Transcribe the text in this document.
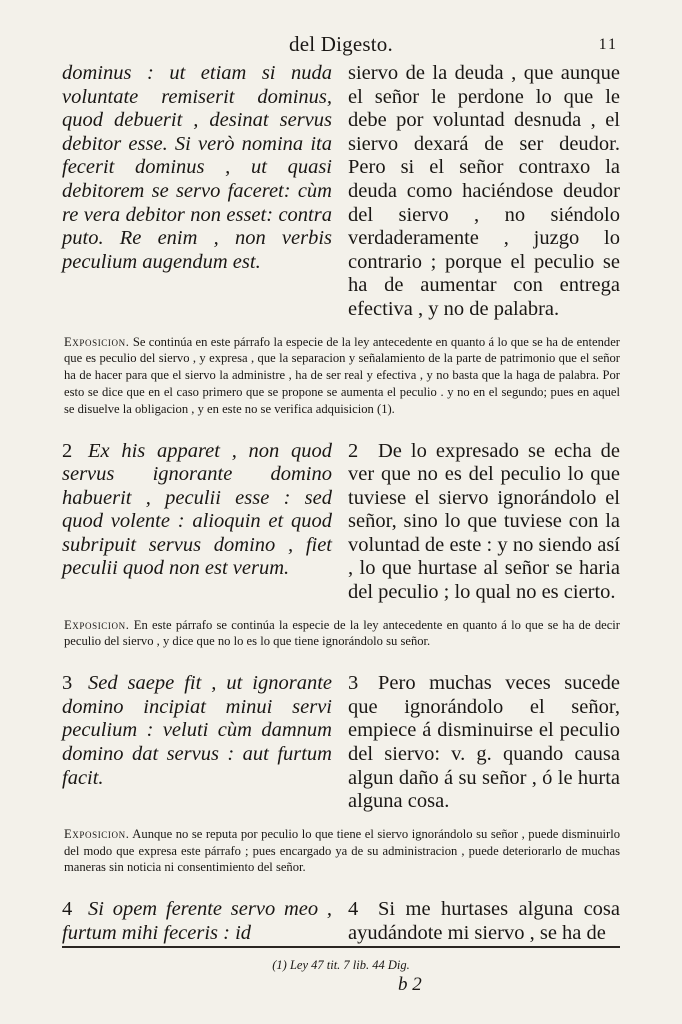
del Digesto.	11
dominus : ut etiam si nuda voluntate remiserit dominus, quod debuerit , desinat servus debitor esse. Si verò nomina ita fecerit dominus , ut quasi debitorem se servo faceret: cùm re vera debitor non esset: contra puto. Re enim , non verbis peculium augendum est.
siervo de la deuda , que aunque el señor le perdone lo que le debe por voluntad desnuda , el siervo dexará de ser deudor. Pero si el señor contraxo la deuda como haciéndose deudor del siervo , no siéndolo verdaderamente , juzgo lo contrario ; porque el peculio se ha de aumentar con entrega efectiva , y no de palabra.
Exposicion. Se continúa en este párrafo la especie de la ley antecedente en quanto á lo que se ha de entender que es peculio del siervo , y expresa , que la separacion y señalamiento de la parte de patrimonio que el señor ha de hacer para que el siervo la administre , ha de ser real y efectiva , y no basta que la haga de palabra. Por esto se dice que en el caso primero que se propone se aumenta el peculio . y no en el segundo; pues en aquel se disuelve la obligacion , y en este no se verifica adquisicion (1).
2 Ex his apparet , non quod servus ignorante domino habuerit , peculii esse : sed quod volente : alioquin et quod subripuit servus domino , fiet peculii quod non est verum.
2 De lo expresado se echa de ver que no es del peculio lo que tuviese el siervo ignorándolo el señor, sino lo que tuviese con la voluntad de este : y no siendo así , lo que hurtase al señor se haria del peculio ; lo qual no es cierto.
Exposicion. En este párrafo se continúa la especie de la ley antecedente en quanto á lo que se ha de decir peculio del siervo , y dice que no lo es lo que tiene ignorándolo su señor.
3 Sed saepe fit , ut ignorante domino incipiat minui servi peculium : veluti cùm damnum domino dat servus : aut furtum facit.
3 Pero muchas veces sucede que ignorándolo el señor, empiece á disminuirse el peculio del siervo: v. g. quando causa algun daño á su señor , ó le hurta alguna cosa.
Exposicion. Aunque no se reputa por peculio lo que tiene el siervo ignorándolo su señor , puede disminuirlo del modo que expresa este párrafo ; pues encargado ya de su administracion , puede deteriorarlo de muchas maneras sin noticia ni consentimiento del señor.
4 Si opem ferente servo meo , furtum mihi feceris : id
4 Si me hurtases alguna cosa ayudándote mi siervo , se ha de
(1) Ley 47 tit. 7 lib. 44 Dig.
b 2
